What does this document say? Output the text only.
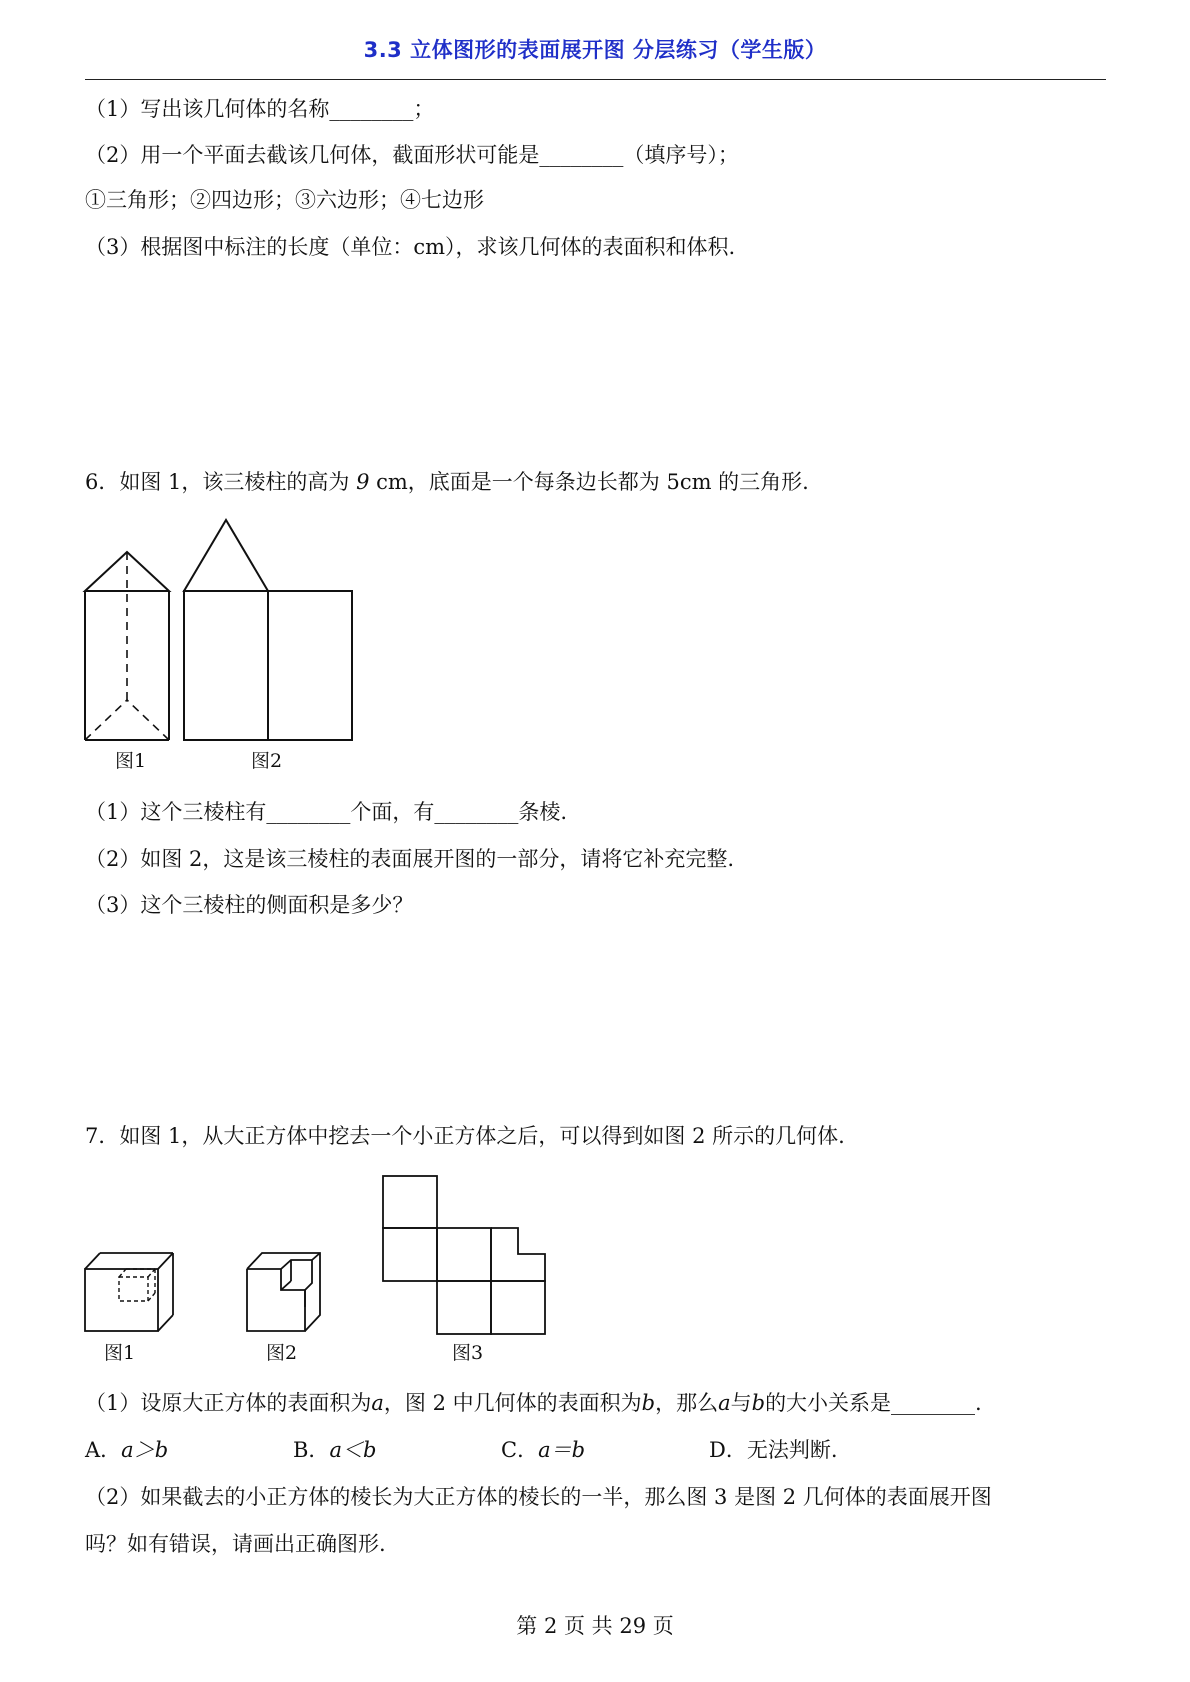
3.3 立体图形的表面展开图 分层练习（学生版）
（1）写出该几何体的名称________；
（2）用一个平面去截该几何体，截面形状可能是________（填序号）；
①三角形；②四边形；③六边形；④七边形
（3）根据图中标注的长度（单位：cm），求该几何体的表面积和体积.
6．如图 1，该三棱柱的高为 9 cm，底面是一个每条边长都为 5cm 的三角形.
图1	图2
（1）这个三棱柱有________个面，有________条棱.
（2）如图 2，这是该三棱柱的表面展开图的一部分，请将它补充完整.
（3）这个三棱柱的侧面积是多少？
7．如图 1，从大正方体中挖去一个小正方体之后，可以得到如图 2 所示的几何体.
图1	图2	图3
（1）设原大正方体的表面积为a，图 2 中几何体的表面积为b，那么a与b的大小关系是________.
A．a＞b	B．a＜b	C．a＝b	D．无法判断.
（2）如果截去的小正方体的棱长为大正方体的棱长的一半，那么图 3 是图 2 几何体的表面展开图
吗？如有错误，请画出正确图形.
第 2 页 共 29 页
